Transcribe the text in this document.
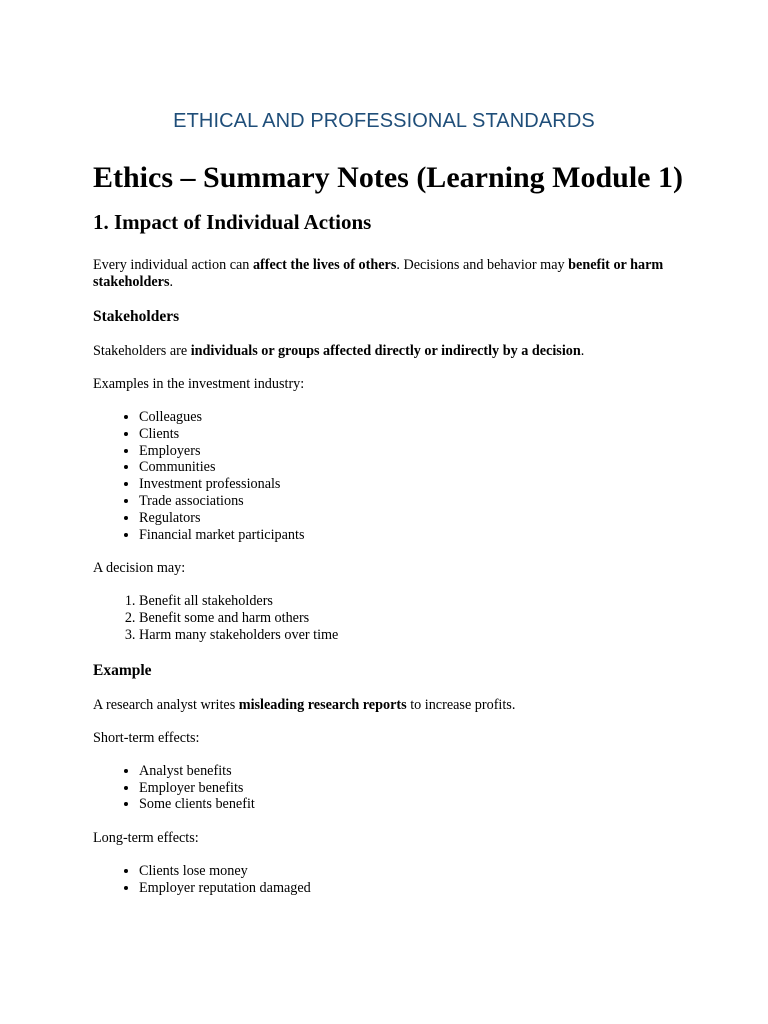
ETHICAL AND PROFESSIONAL STANDARDS
Ethics – Summary Notes (Learning Module 1)
1. Impact of Individual Actions

Every individual action can affect the lives of others. Decisions and behavior may benefit or harm stakeholders.

Stakeholders

Stakeholders are individuals or groups affected directly or indirectly by a decision.

Examples in the investment industry:

• Colleagues
• Clients
• Employers
• Communities
• Investment professionals
• Trade associations
• Regulators
• Financial market participants

A decision may:

1. Benefit all stakeholders
2. Benefit some and harm others
3. Harm many stakeholders over time
Example

A research analyst writes misleading research reports to increase profits.

Short-term effects:

• Analyst benefits
• Employer benefits
• Some clients benefit

Long-term effects:

• Clients lose money
• Employer reputation damaged
